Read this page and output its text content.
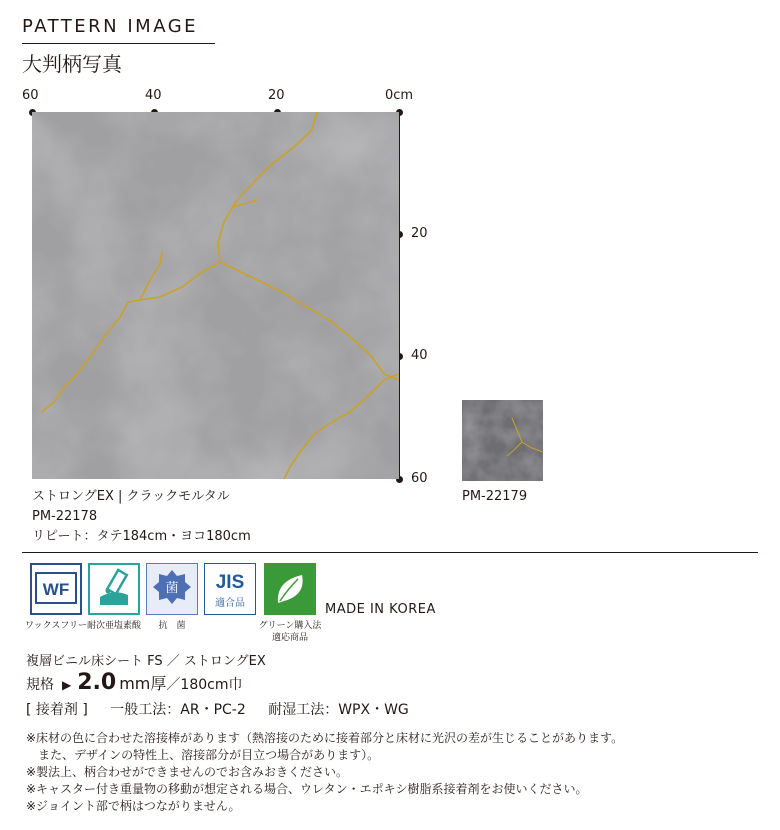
PATTERN IMAGE
大判柄写真
60	40	20	0cm
20
40
60
ストロングEX | クラックモルタル
PM-22178
リピート：タテ184cm・ヨコ180cm
PM-22179
WF	菌 JIS
適合品
ワックスフリー 耐次亜塩素酸	抗　菌	グリーン購入法
適応商品
MADE IN KOREA
複層ビニル床シート FS ／ ストロングEX
規格 ▶ 2.0 mm厚 ／180cm巾
[ 接着剤 ] 一般工法：AR・PC-2 耐湿工法：WPX・WG
※床材の色に合わせた溶接棒があります（熱溶接のために接着部分と床材に光沢の差が生じることがあります。
　また、デザインの特性上、溶接部分が目立つ場合があります）。
※製法上、柄合わせができませんのでお含みおきください。
※キャスター付き重量物の移動が想定される場合、ウレタン・エポキシ樹脂系接着剤をお使いください。
※ジョイント部で柄はつながりません。
